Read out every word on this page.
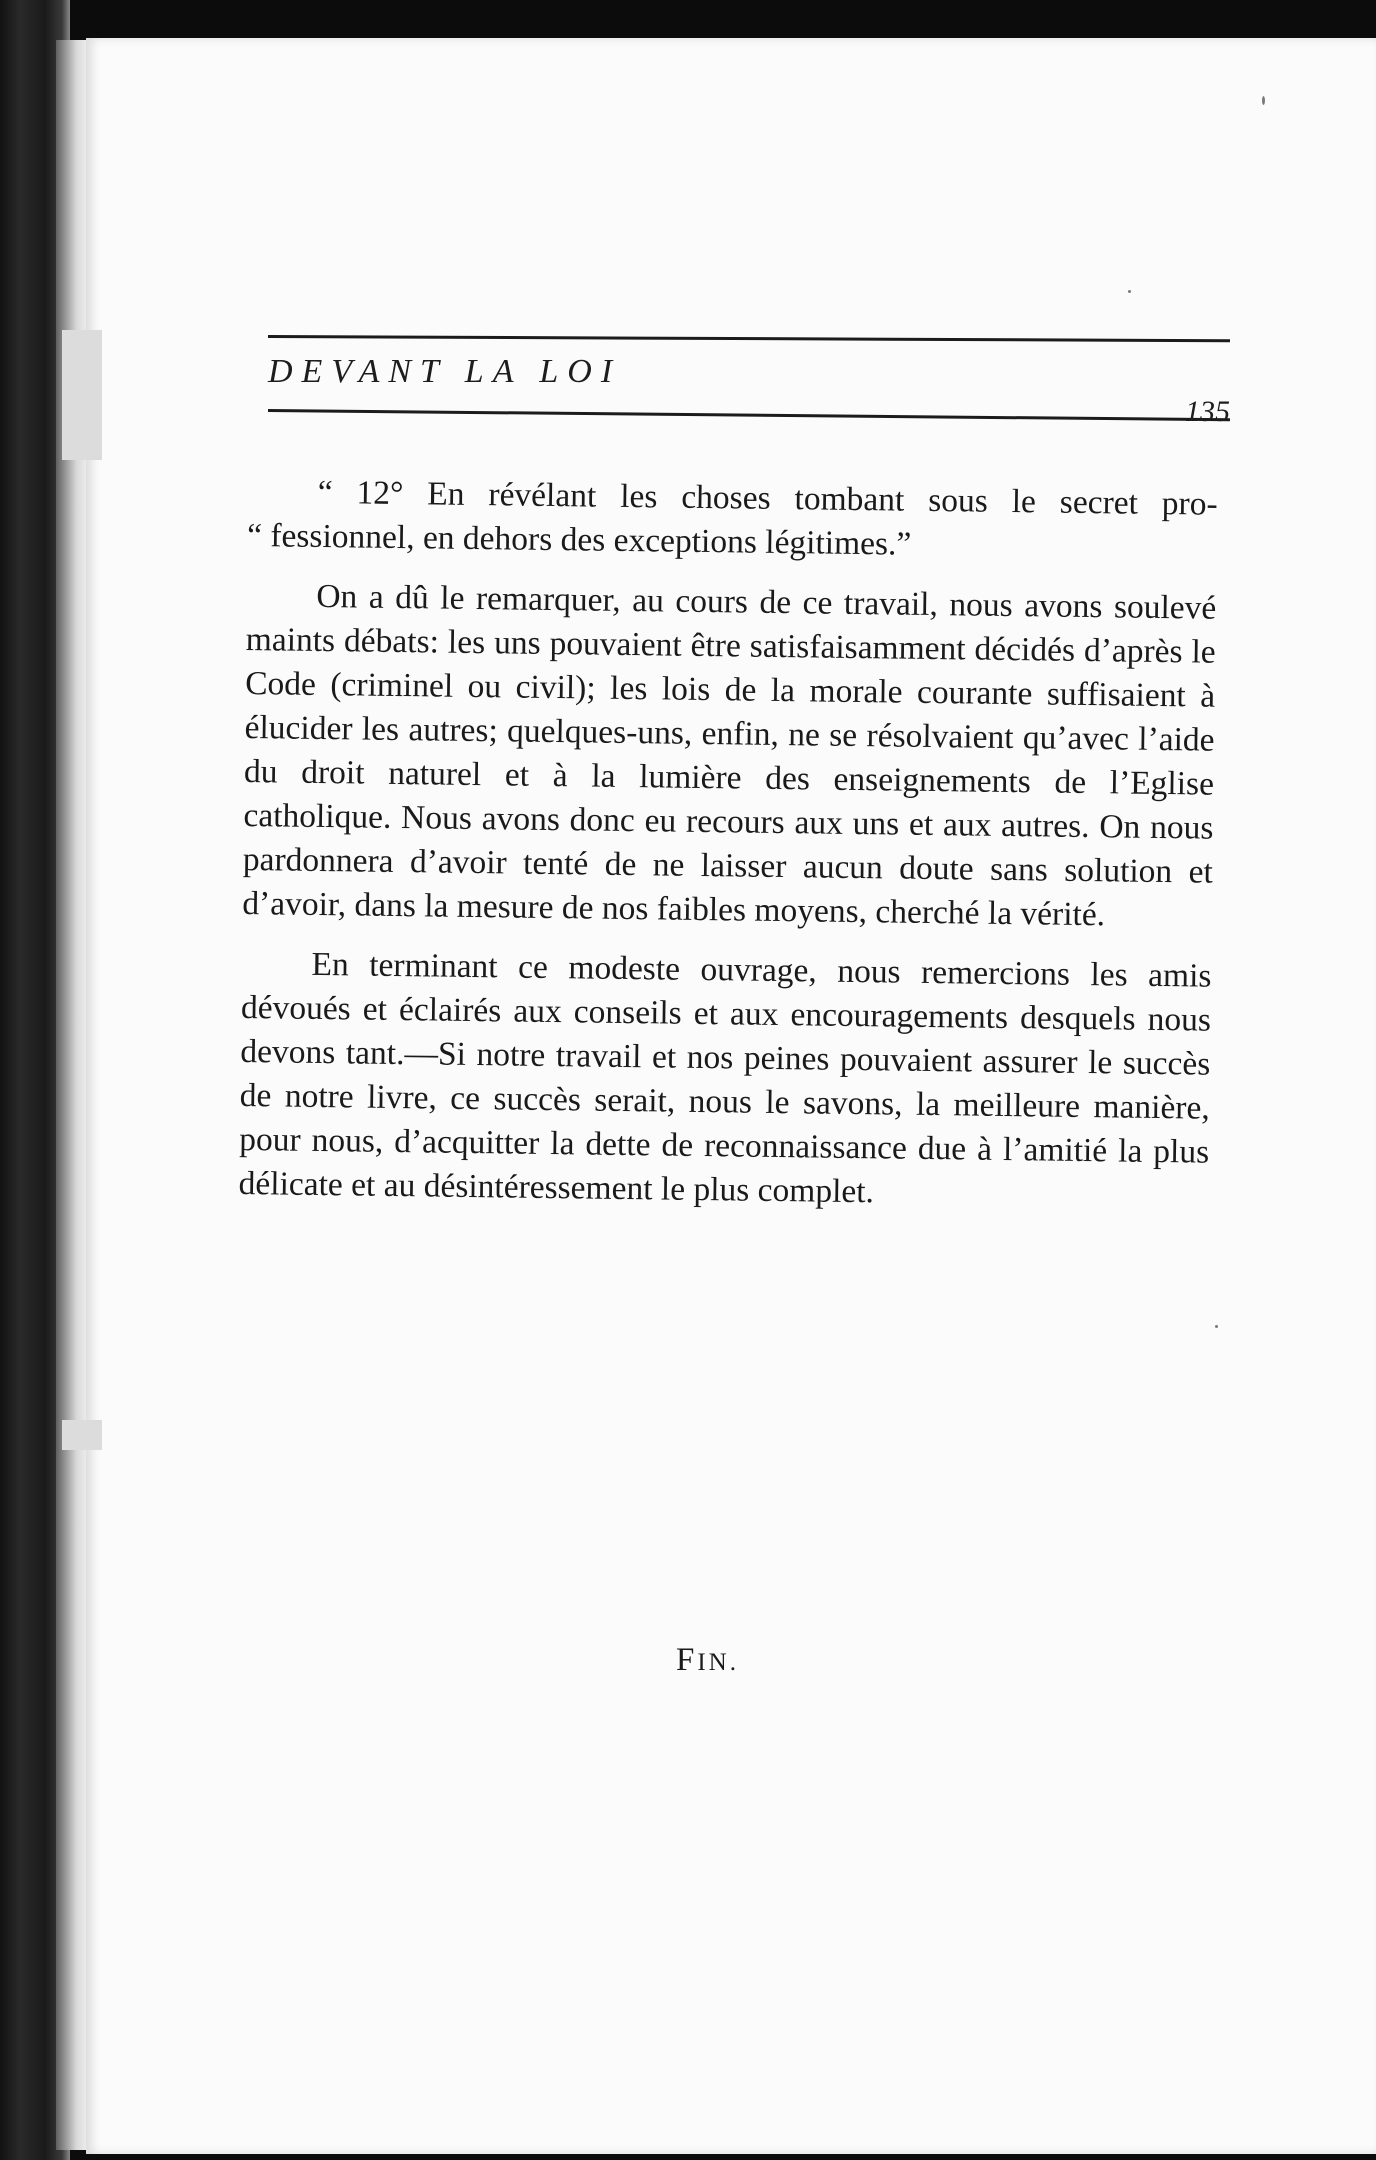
DEVANT LA LOI
135

“ 12° En révélant les choses tombant sous le secret pro-

“ fessionnel, en dehors des exceptions légitimes.”

On a dû le remarquer, au cours de ce travail, nous avons soulevé maints débats: les uns pouvaient être satisfaisamment décidés d’après le Code (criminel ou civil); les lois de la morale courante suffisaient à élucider les autres; quelques-uns, enfin, ne se résolvaient qu’avec l’aide du droit naturel et à la lumière des enseignements de l’Eglise catholique. Nous avons donc eu recours aux uns et aux autres. On nous pardonnera d’avoir tenté de ne laisser aucun doute sans solution et d’avoir, dans la mesure de nos faibles moyens, cherché la vérité.

En terminant ce modeste ouvrage, nous remercions les amis dévoués et éclairés aux conseils et aux encouragements desquels nous devons tant.—Si notre travail et nos peines pouvaient assurer le succès de notre livre, ce succès serait, nous le savons, la meilleure manière, pour nous, d’acquitter la dette de reconnaissance due à l’amitié la plus délicate et au désintéressement le plus complet.

FIN.
